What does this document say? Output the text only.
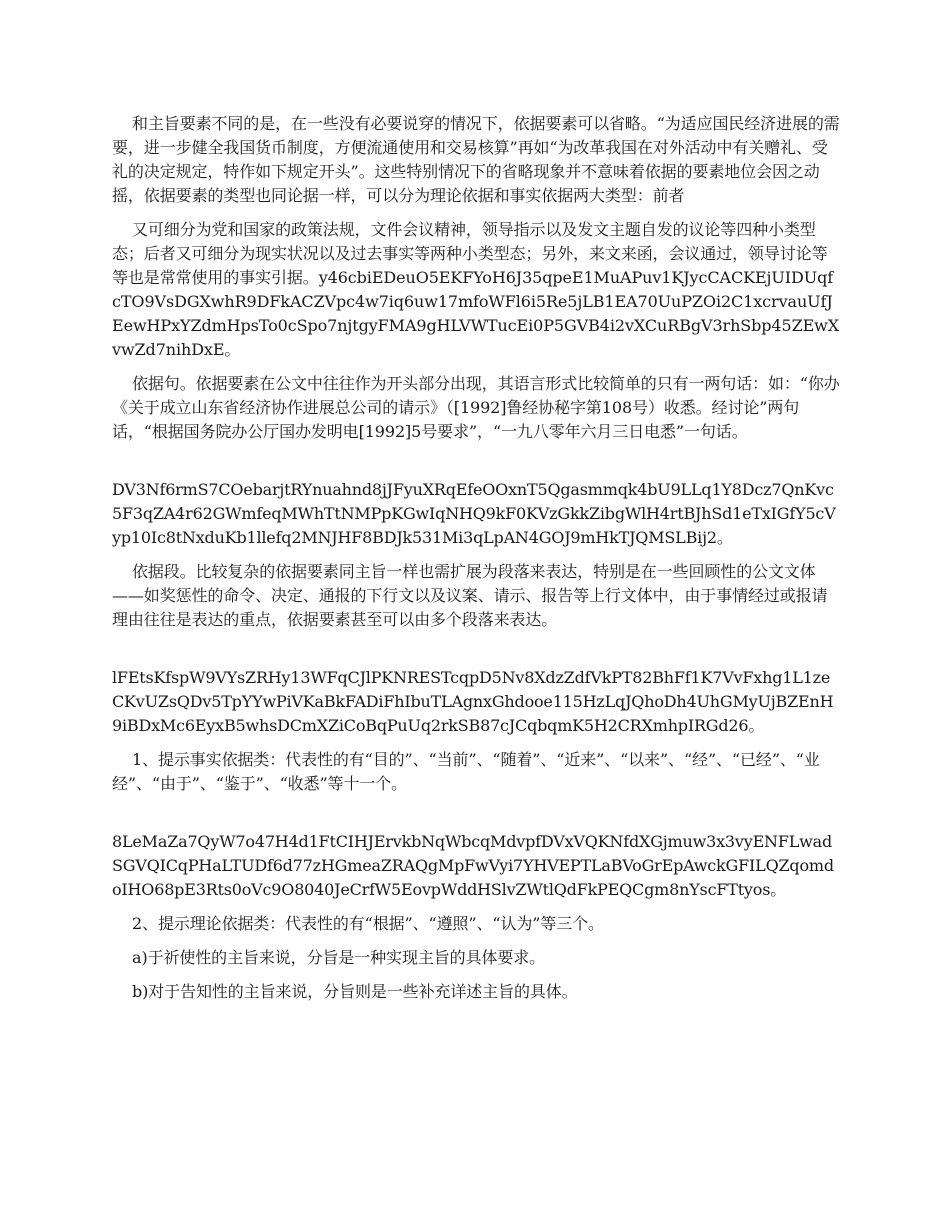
和主旨要素不同的是，在一些没有必要说穿的情况下，依据要素可以省略。“为适应国民经济进展的需要，进一步健全我国货币制度，方便流通使用和交易核算”再如“为改革我国在对外活动中有关赠礼、受礼的决定规定，特作如下规定开头”。这些特别情况下的省略现象并不意味着依据的要素地位会因之动摇，依据要素的类型也同论据一样，可以分为理论依据和事实依据两大类型：前者

又可细分为党和国家的政策法规，文件会议精神，领导指示以及发文主题自发的议论等四种小类型态；后者又可细分为现实状况以及过去事实等两种小类型态；另外，来文来函，会议通过，领导讨论等等也是常常使用的事实引据。y46cbiEDeuO5EKFYoH6J35qpeE1MuAPuv1KJycCACKEjUIDUqfcTO9VsDGXwhR9DFkACZVpc4w7iq6uw17mfoWFl6i5Re5jLB1EA70UuPZOi2C1xcrvauUfJEewHPxYZdmHpsTo0cSpo7njtgyFMA9gHLVWTucEi0P5GVB4i2vXCuRBgV3rhSbp45ZEwXvwZd7nihDxE。

依据句。依据要素在公文中往往作为开头部分出现，其语言形式比较简单的只有一两句话：如：“你办《关于成立山东省经济协作进展总公司的请示》（[1992]鲁经协秘字第108号）收悉。经讨论”两句话，“根据国务院办公厅国办发明电[1992]5号要求”，“一九八零年六月三日电悉”一句话。

DV3Nf6rmS7COebarjtRYnuahnd8jJFyuXRqEfeOOxnT5Qgasmmqk4bU9LLq1Y8Dcz7QnKvc5F3qZA4r62GWmfeqMWhTtNMPpKGwIqNHQ9kF0KVzGkkZibgWlH4rtBJhSd1eTxIGfY5cVyp10Ic8tNxduKb1llefq2MNJHF8BDJk531Mi3qLpAN4GOJ9mHkTJQMSLBij2。

依据段。比较复杂的依据要素同主旨一样也需扩展为段落来表达，特别是在一些回顾性的公文文体——如奖惩性的命令、决定、通报的下行文以及议案、请示、报告等上行文体中，由于事情经过或报请理由往往是表达的重点，依据要素甚至可以由多个段落来表达。

lFEtsKfspW9VYsZRHy13WFqCJlPKNRESTcqpD5Nv8XdzZdfVkPT82BhFf1K7VvFxhg1L1zeCKvUZsQDv5TpYYwPiVKaBkFADiFhIbuTLAgnxGhdooe115HzLqJQhoDh4UhGMyUjBZEnH9iBDxMc6EyxB5whsDCmXZiCoBqPuUq2rkSB87cJCqbqmK5H2CRXmhpIRGd26。

1、提示事实依据类：代表性的有“目的”、“当前”、“随着”、“近来”、“以来”、“经”、“已经”、“业经”、“由于”、“鉴于”、“收悉”等十一个。

8LeMaZa7QyW7o47H4d1FtCIHJErvkbNqWbcqMdvpfDVxVQKNfdXGjmuw3x3vyENFLwadSGVQICqPHaLTUDf6d77zHGmeaZRAQgMpFwVyi7YHVEPTLaBVoGrEpAwckGFILQZqomdoIHO68pE3Rts0oVc9O8040JeCrfW5EovpWddHSlvZWtlQdFkPEQCgm8nYscFTtyos。

2、提示理论依据类：代表性的有“根据”、“遵照”、“认为”等三个。

a)于祈使性的主旨来说，分旨是一种实现主旨的具体要求。

b)对于告知性的主旨来说，分旨则是一些补充详述主旨的具体。
